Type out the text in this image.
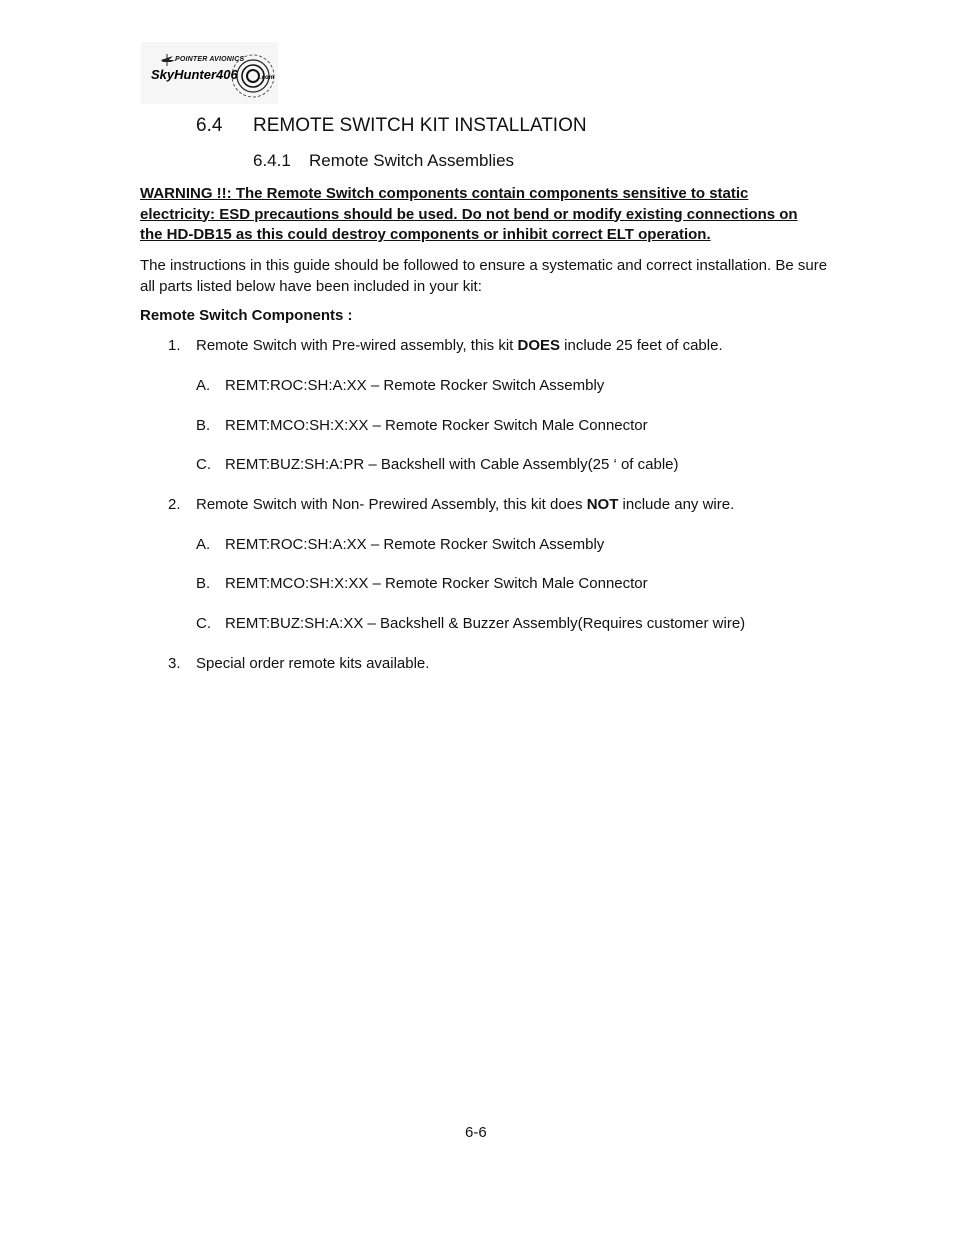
POINTER AVIONICS
SkyHunter406	.com
6.4 REMOTE SWITCH KIT INSTALLATION
6.4.1 Remote Switch Assemblies
WARNING !!: The Remote Switch components contain components sensitive to static electricity: ESD precautions should be used. Do not bend or modify existing connections on the HD-DB15 as this could destroy components or inhibit correct ELT operation.
The instructions in this guide should be followed to ensure a systematic and correct installation. Be sure all parts listed below have been included in your kit:
Remote Switch Components :
1. Remote Switch with Pre-wired assembly, this kit DOES include 25 feet of cable.
A. REMT:ROC:SH:A:XX – Remote Rocker Switch Assembly
B. REMT:MCO:SH:X:XX – Remote Rocker Switch Male Connector
C. REMT:BUZ:SH:A:PR – Backshell with Cable Assembly(25 ‘ of cable)
2. Remote Switch with Non- Prewired Assembly, this kit does NOT include any wire.
A. REMT:ROC:SH:A:XX – Remote Rocker Switch Assembly
B. REMT:MCO:SH:X:XX – Remote Rocker Switch Male Connector
C. REMT:BUZ:SH:A:XX – Backshell & Buzzer Assembly(Requires customer wire)
3. Special order remote kits available.
6-6
